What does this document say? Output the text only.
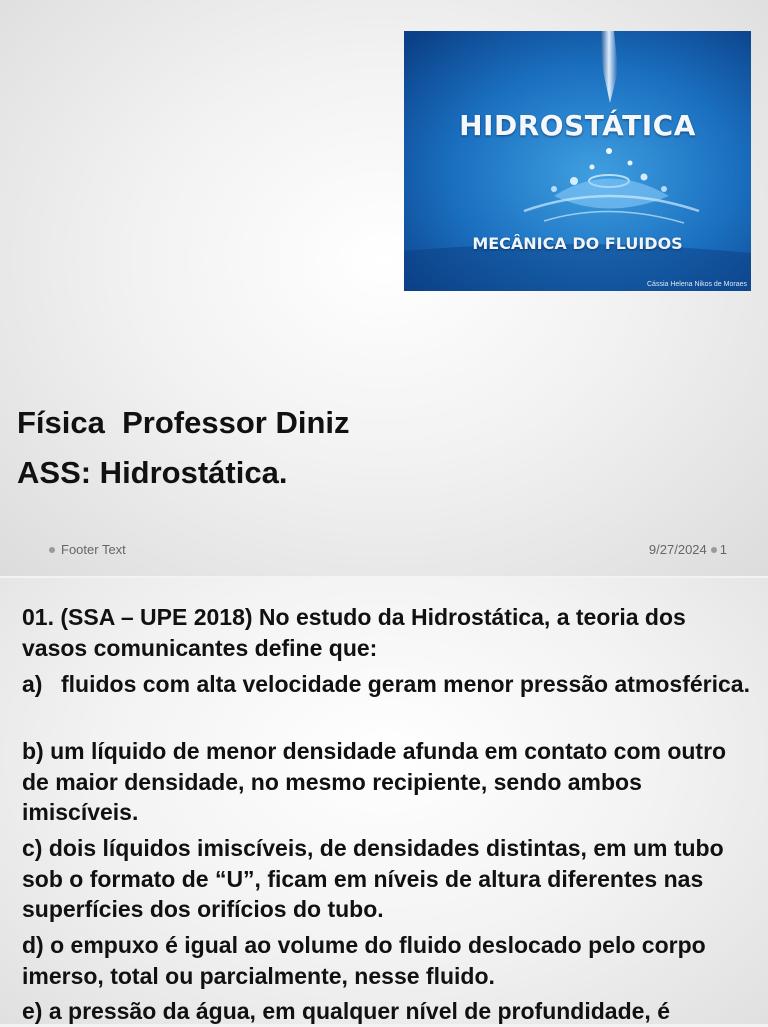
HIDROSTÁTICA
MECÂNICA DO FLUIDOS
Cássia Helena Nikos de Moraes
Física  Professor Diniz
ASS: Hidrostática.
Footer Text	9/27/2024 1
01. (SSA – UPE 2018) No estudo da Hidrostática, a teoria dos vasos comunicantes define que:
a) fluidos com alta velocidade geram menor pressão atmosférica.
b) um líquido de menor densidade afunda em contato com outro de maior densidade, no mesmo recipiente, sendo ambos imiscíveis.
c) dois líquidos imiscíveis, de densidades distintas, em um tubo sob o formato de “U”, ficam em níveis de altura diferentes nas superfícies dos orifícios do tubo.
d) o empuxo é igual ao volume do fluido deslocado pelo corpo imerso, total ou parcialmente, nesse fluido.
e) a pressão da água, em qualquer nível de profundidade, é
